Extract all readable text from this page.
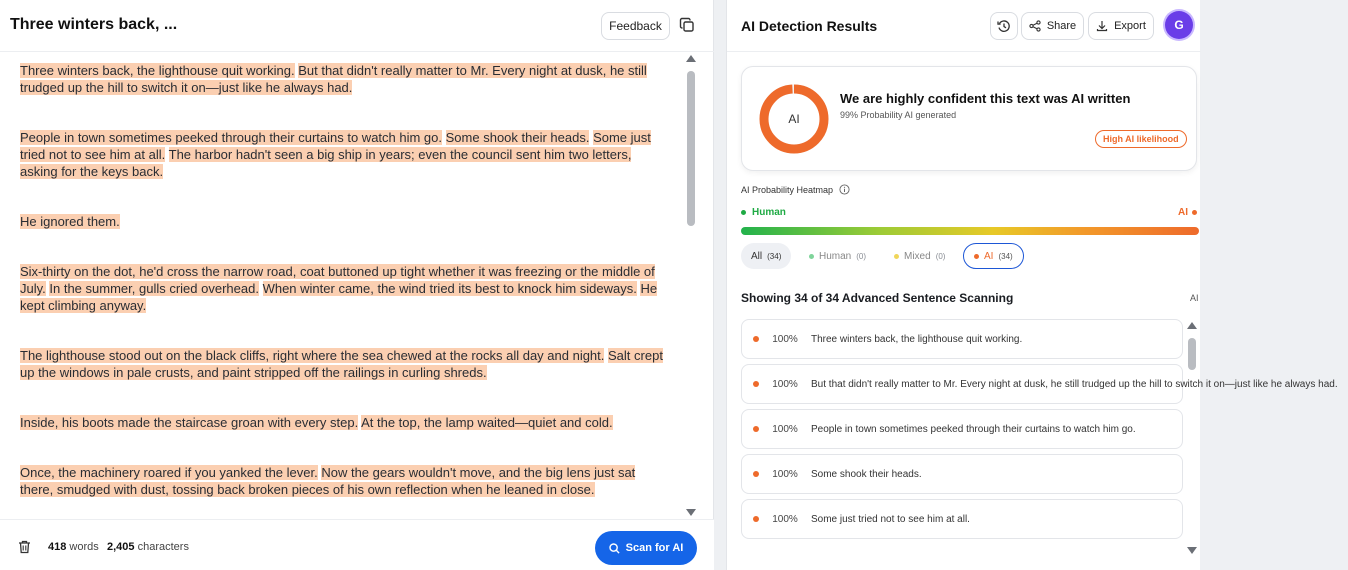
Three winters back, ...	Feedback

Three winters back, the lighthouse quit working. But that didn't really matter to Mr. Every night at dusk, he still trudged up the hill to switch it on—just like he always had.

People in town sometimes peeked through their curtains to watch him go. Some shook their heads. Some just tried not to see him at all. The harbor hadn't seen a big ship in years; even the council sent him two letters, asking for the keys back.

He ignored them.

Six-thirty on the dot, he'd cross the narrow road, coat buttoned up tight whether it was freezing or the middle of July. In the summer, gulls cried overhead. When winter came, the wind tried its best to knock him sideways. He kept climbing anyway.

The lighthouse stood out on the black cliffs, right where the sea chewed at the rocks all day and night. Salt crept up the windows in pale crusts, and paint stripped off the railings in curling shreds.

Inside, his boots made the staircase groan with every step. At the top, the lamp waited—quiet and cold.

Once, the machinery roared if you yanked the lever. Now the gears wouldn't move, and the big lens just sat there, smudged with dust, tossing back broken pieces of his own reflection when he leaned in close.

418 words 2,405 characters	Scan for AI
AI Detection Results	Share	Export	G
AI
We are highly confident this text was AI written
99% Probability AI generated
High AI likelihood
AI Probability Heatmap
Human	AI
All (34)	Human (0)	Mixed (0)	AI (34)
Showing 34 of 34 Advanced Sentence Scanning	AI
100%	Three winters back, the lighthouse quit working.
100%	But that didn't really matter to Mr. Every night at dusk, he still trudged up the hill to switch it on—just like he always had.
100%	People in town sometimes peeked through their curtains to watch him go.
100%	Some shook their heads.
100%	Some just tried not to see him at all.
